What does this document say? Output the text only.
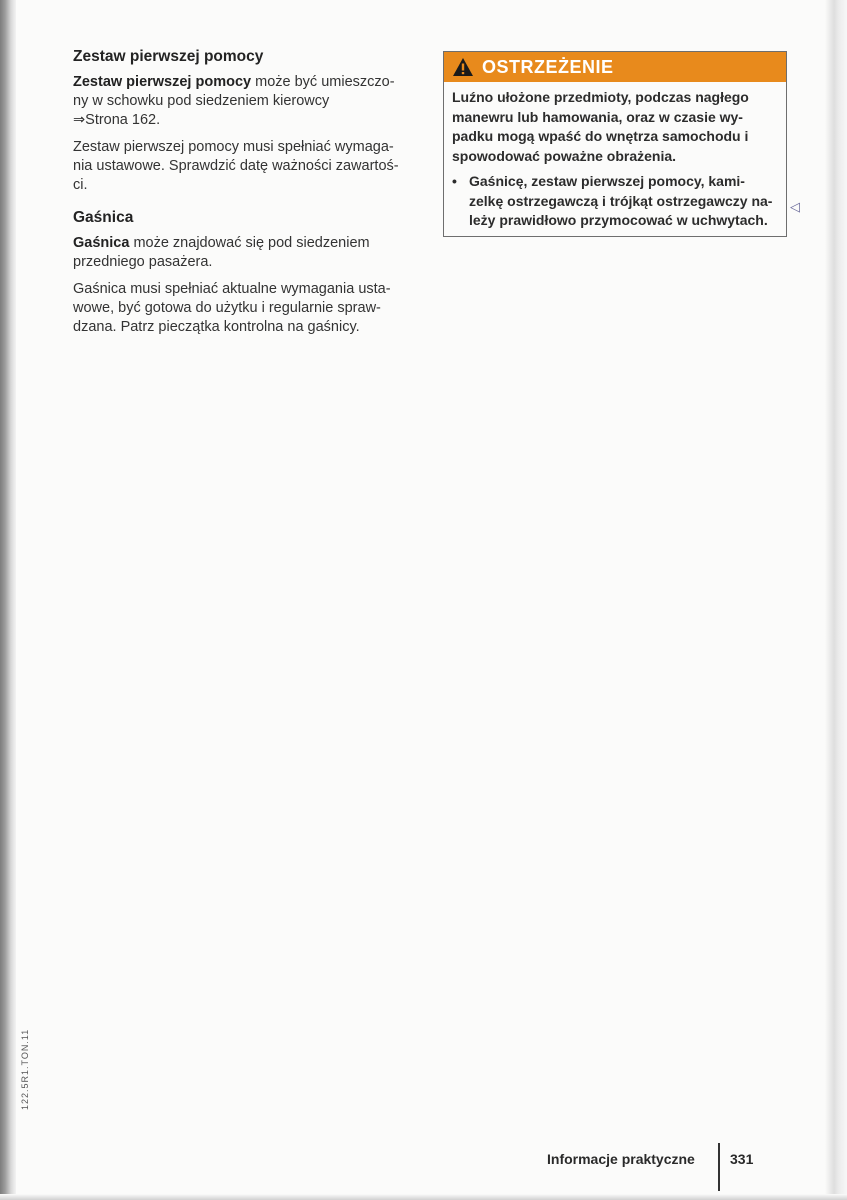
Zestaw pierwszej pomocy
Zestaw pierwszej pomocy może być umieszczo-
ny w schowku pod siedzeniem kierowcy
⇒Strona 162.
Zestaw pierwszej pomocy musi spełniać wymaga-
nia ustawowe. Sprawdzić datę ważności zawartoś-
ci.
Gaśnica
Gaśnica może znajdować się pod siedzeniem
przedniego pasażera.
Gaśnica musi spełniać aktualne wymagania usta-
wowe, być gotowa do użytku i regularnie spraw-
dzana. Patrz pieczątka kontrolna na gaśnicy.
OSTRZEŻENIE

Luźno ułożone przedmioty, podczas nagłego
manewru lub hamowania, oraz w czasie wy-
padku mogą wpaść do wnętrza samochodu i
spowodować poważne obrażenia.

• Gaśnicę, zestaw pierwszej pomocy, kami-
zelkę ostrzegawczą i trójkąt ostrzegawczy na-
leży prawidłowo przymocować w uchwytach.
◁
122.5R1.TON.11
Informacje praktyczne	331
